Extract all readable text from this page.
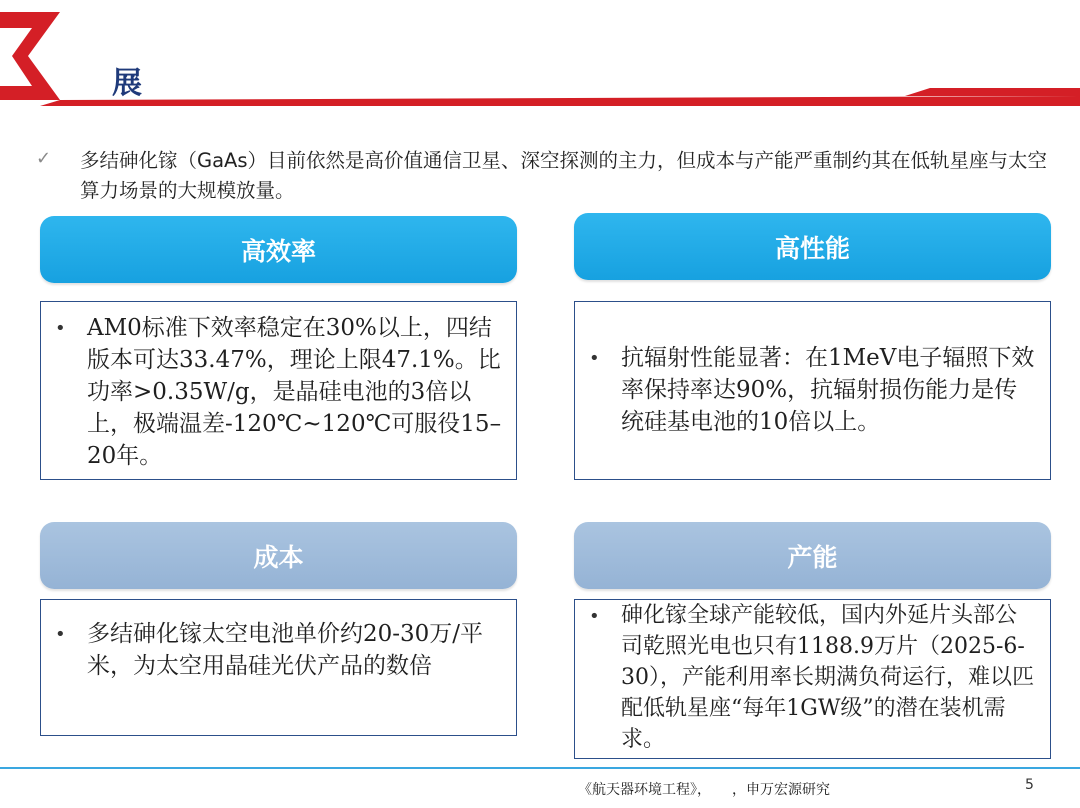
展
✓ 多结砷化镓（GaAs）目前依然是高价值通信卫星、深空探测的主力，但成本与产能严重制约其在低轨星座与太空算力场景的大规模放量。
高效率
• AM0标准下效率稳定在30%以上，四结版本可达33.47%，理论上限47.1%。比功率>0.35W/g，是晶硅电池的3倍以上，极端温差-120℃~120℃可服役15–20年。
高性能
• 抗辐射性能显著：在1MeV电子辐照下效率保持率达90%，抗辐射损伤能力是传统硅基电池的10倍以上。
成本
• 多结砷化镓太空电池单价约20-30万/平米，为太空用晶硅光伏产品的数倍
产能
• 砷化镓全球产能较低，国内外延片头部公司乾照光电也只有1188.9万片（2025-6-30），产能利用率长期满负荷运行，难以匹配低轨星座“每年1GW级”的潜在装机需求。
《航天器环境工程》，　　，申万宏源研究	5
